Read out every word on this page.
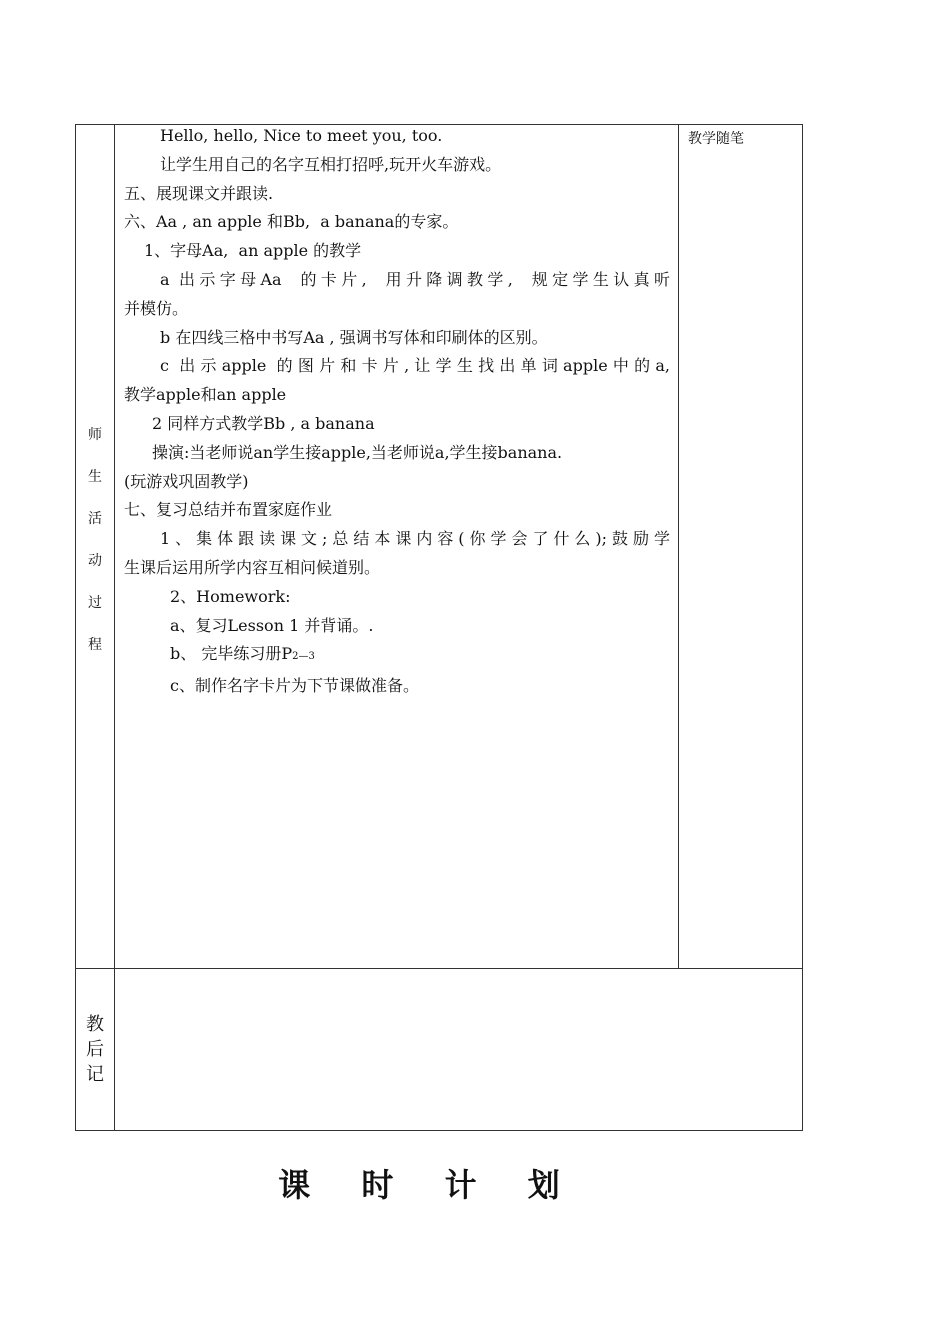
师
生
活
动
过
程
教学随笔

Hello, hello, Nice to meet you, too.

让学生用自己的名字互相打招呼,玩开火车游戏。

五、展现课文并跟读.

六、Aa , an apple 和Bb,  a banana的专家。

1、字母Aa,  an apple 的教学

a 出示字母Aa  的卡片,  用升降调教学,  规定学生认真听

并模仿。

b 在四线三格中书写Aa , 强调书写体和印刷体的区别。

c 出示apple 的图片和卡片,让学生找出单词apple中的a,

教学apple和an apple

2 同样方式教学Bb , a banana

操演:当老师说an学生接apple,当老师说a,学生接banana.

(玩游戏巩固教学)

七、复习总结并布置家庭作业

1、集体跟读课文;总结本课内容(你学会了什么);鼓励学

生课后运用所学内容互相问候道别。

2、Homework:

a、复习Lesson 1 并背诵。.

b、 完毕练习册P2—3

c、制作名字卡片为下节课做准备。

教
后
记
课 时 计 划
